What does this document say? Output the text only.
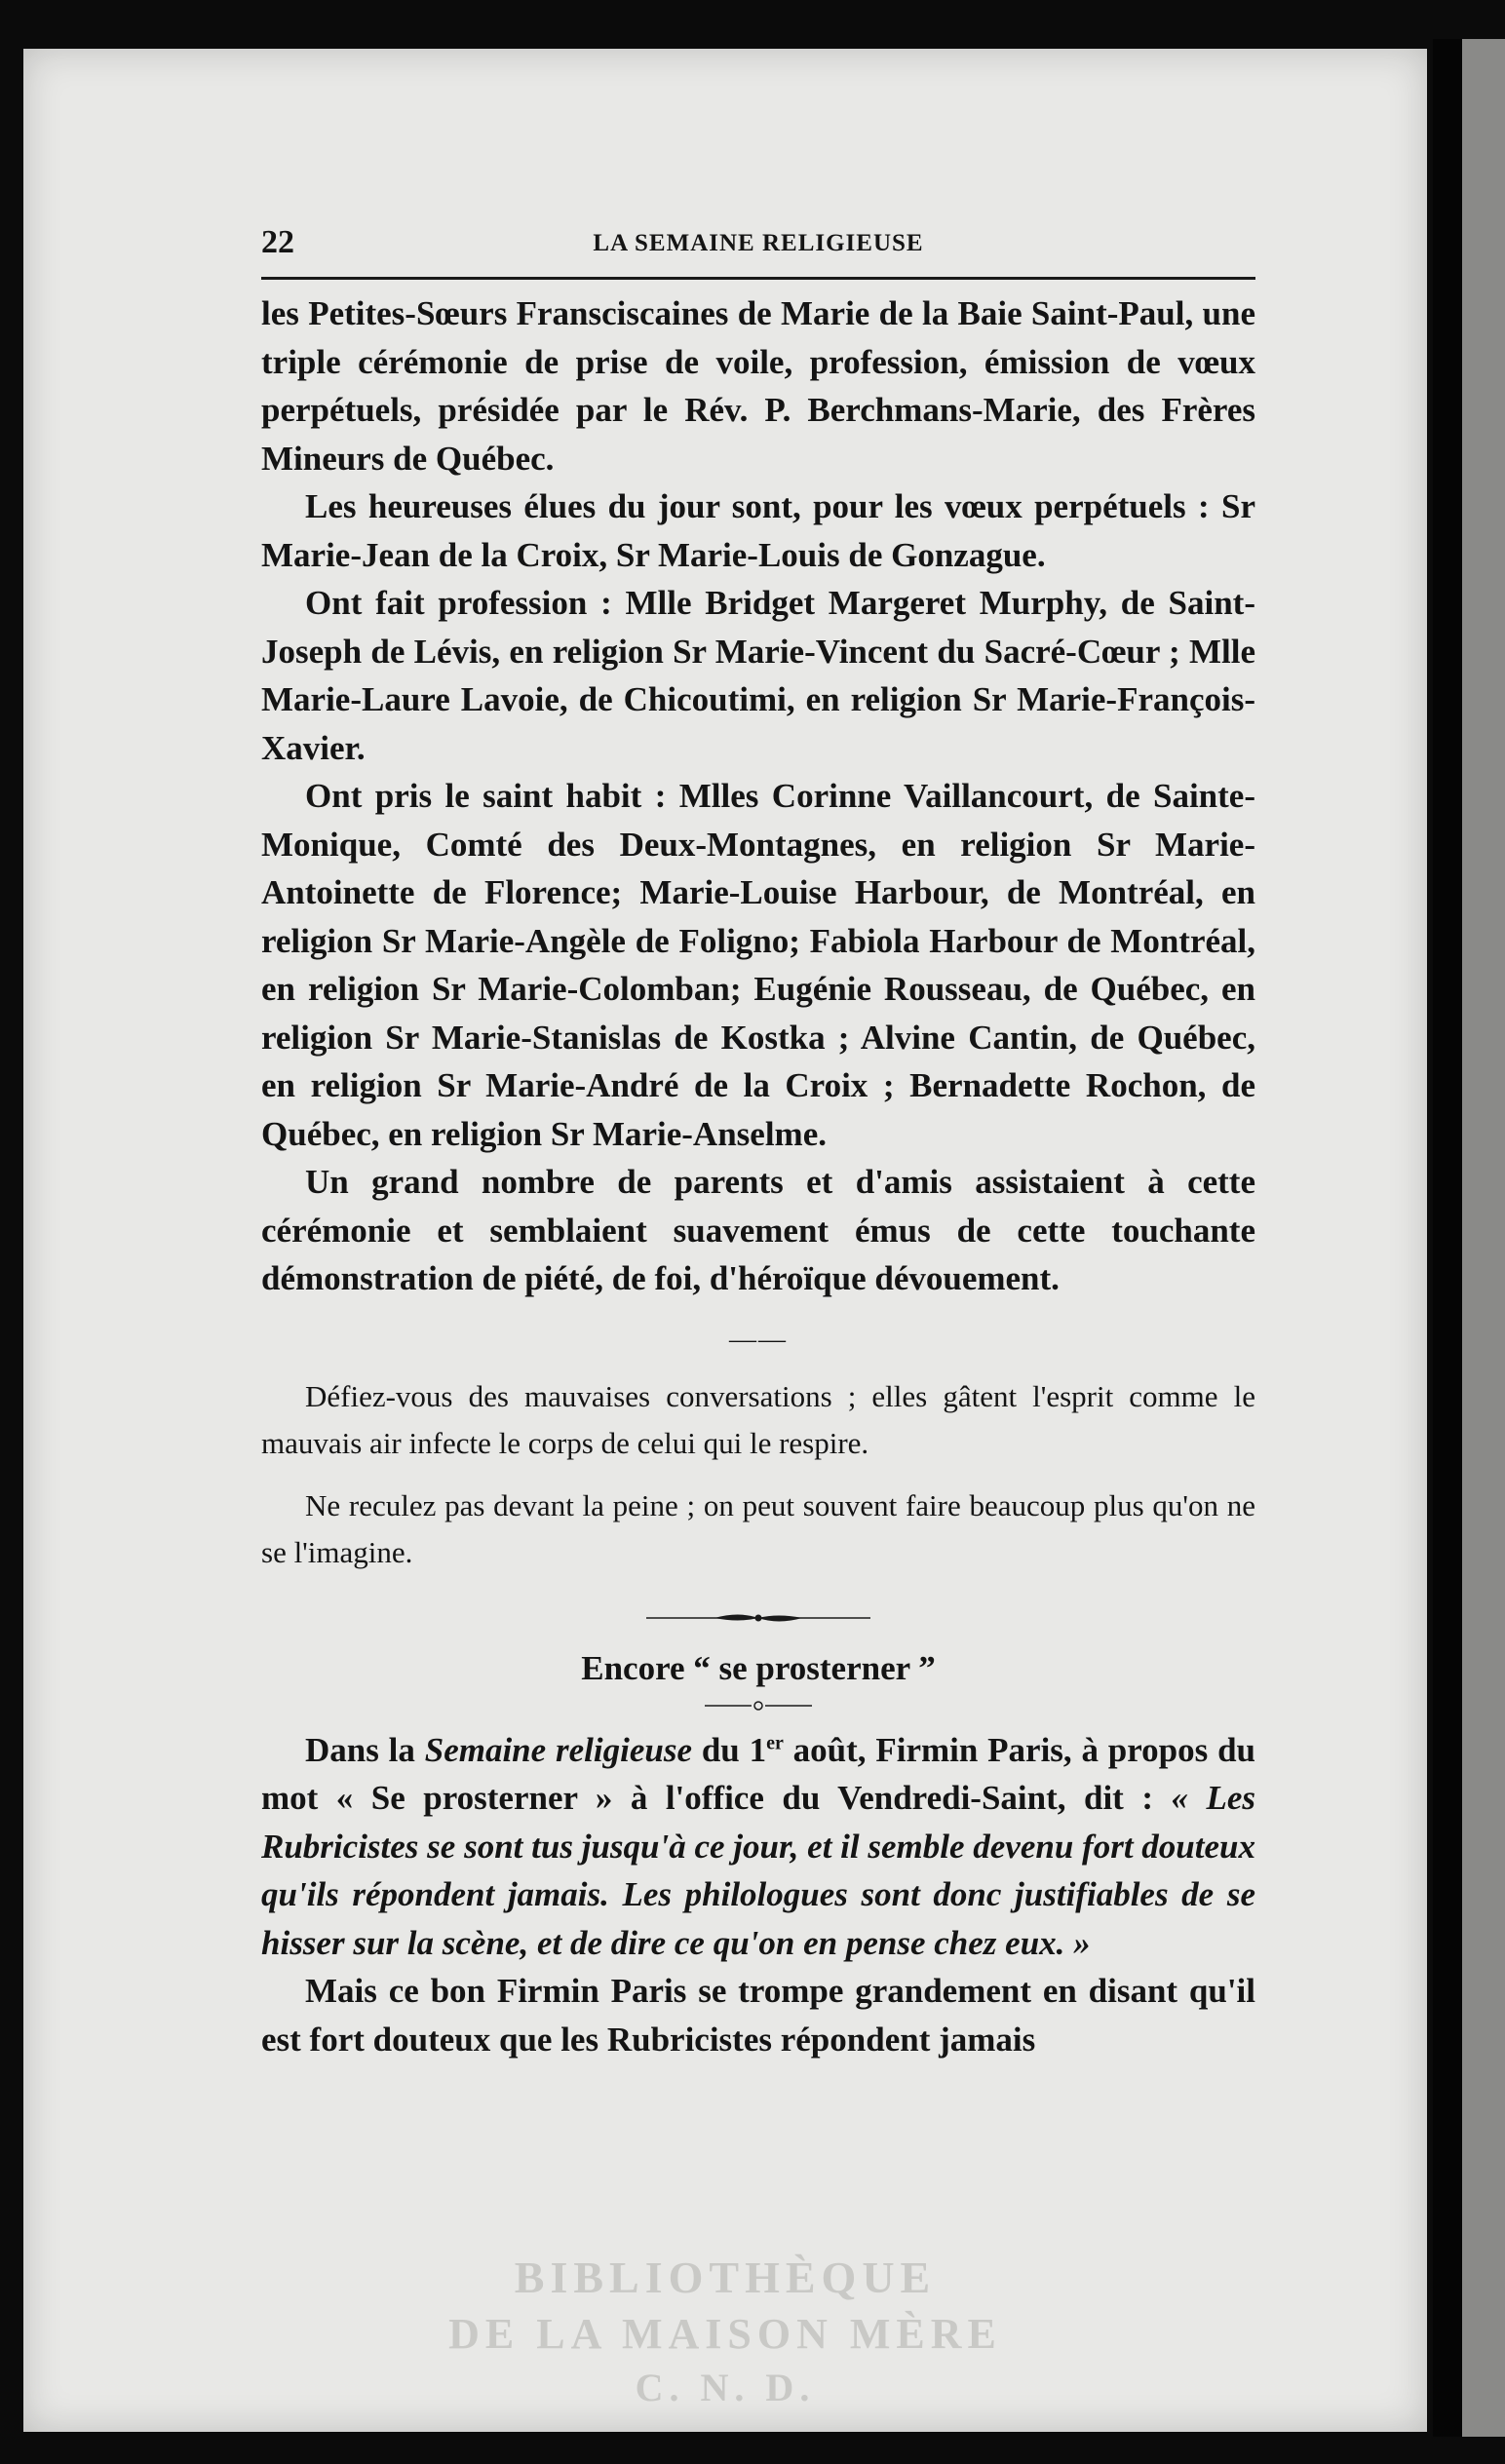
BIBLIOTHÈQUE
DE LA MAISON MÈRE
C. N. D.
22	LA SEMAINE RELIGIEUSE

les Petites-Sœurs Fransciscaines de Marie de la Baie Saint-Paul, une triple cérémonie de prise de voile, profession, émission de vœux perpétuels, présidée par le Rév. P. Berchmans-Marie, des Frères Mineurs de Québec.

Les heureuses élues du jour sont, pour les vœux perpétuels : Sr Marie-Jean de la Croix, Sr Marie-Louis de Gonzague.

Ont fait profession : Mlle Bridget Margeret Murphy, de Saint-Joseph de Lévis, en religion Sr Marie-Vincent du Sacré-Cœur ; Mlle Marie-Laure Lavoie, de Chicoutimi, en religion Sr Marie-François-Xavier.

Ont pris le saint habit : Mlles Corinne Vaillancourt, de Sainte-Monique, Comté des Deux-Montagnes, en religion Sr Marie-Antoinette de Florence; Marie-Louise Harbour, de Montréal, en religion Sr Marie-Angèle de Foligno; Fabiola Harbour de Montréal, en religion Sr Marie-Colomban; Eugénie Rousseau, de Québec, en religion Sr Marie-Stanislas de Kostka ; Alvine Cantin, de Québec, en religion Sr Marie-André de la Croix ; Bernadette Rochon, de Québec, en religion Sr Marie-Anselme.

Un grand nombre de parents et d'amis assistaient à cette cérémonie et semblaient suavement émus de cette touchante démonstration de piété, de foi, d'héroïque dévouement.

——

Défiez-vous des mauvaises conversations ; elles gâtent l'esprit comme le mauvais air infecte le corps de celui qui le respire.

Ne reculez pas devant la peine ; on peut souvent faire beaucoup plus qu'on ne se l'imagine.

Encore “ se prosterner ”

Dans la Semaine religieuse du 1er août, Firmin Paris, à propos du mot « Se prosterner » à l'office du Vendredi-Saint, dit : « Les Rubricistes se sont tus jusqu'à ce jour, et il semble devenu fort douteux qu'ils répondent jamais. Les philologues sont donc justifiables de se hisser sur la scène, et de dire ce qu'on en pense chez eux. »

Mais ce bon Firmin Paris se trompe grandement en disant qu'il est fort douteux que les Rubricistes répondent jamais
